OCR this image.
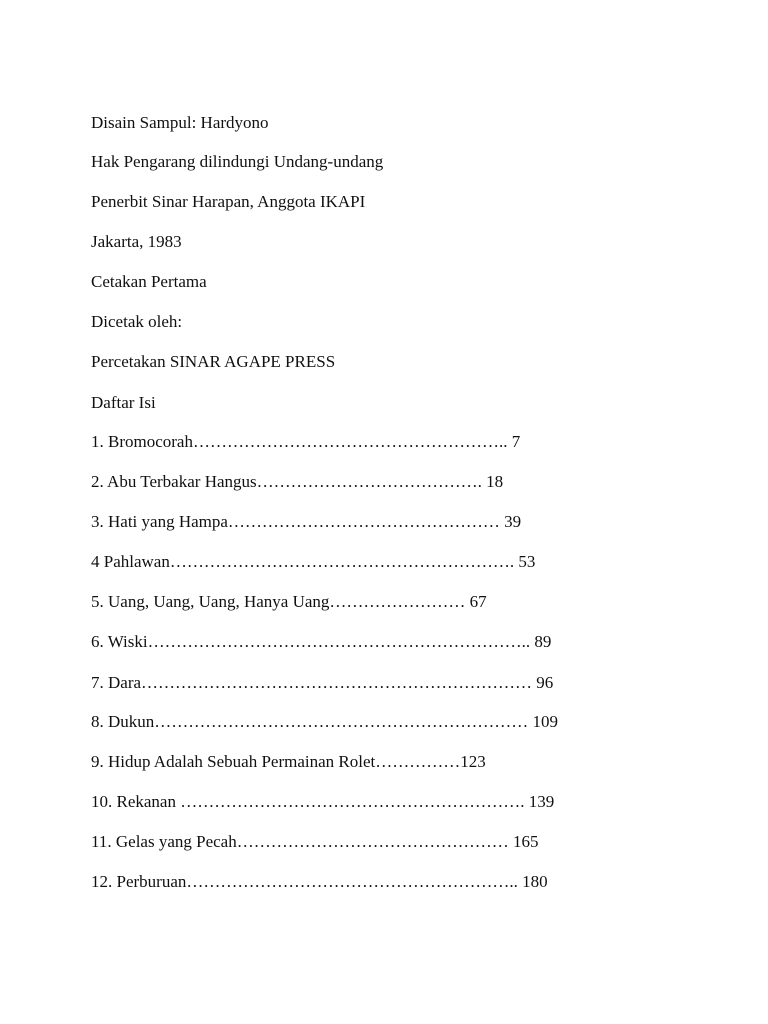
Disain Sampul: Hardyono

Hak Pengarang dilindungi Undang-undang

Penerbit Sinar Harapan, Anggota IKAPI

Jakarta, 1983

Cetakan Pertama

Dicetak oleh:

Percetakan SINAR AGAPE PRESS

Daftar Isi

1. Bromocorah……………………………………………….. 7

2. Abu Terbakar Hangus…………………………………. 18

3. Hati yang Hampa………………………………………… 39

4 Pahlawan……………………………………………………. 53

5. Uang, Uang, Uang, Hanya Uang…………………… 67

6. Wiski………………………………………………………….. 89

7. Dara…………………………………………………………… 96

8. Dukun………………………………………………………… 109

9. Hidup Adalah Sebuah Permainan Rolet……………123

10. Rekanan ……………………………………………………. 139

11. Gelas yang Pecah………………………………………… 165

12. Perburuan………………………………………………….. 180
